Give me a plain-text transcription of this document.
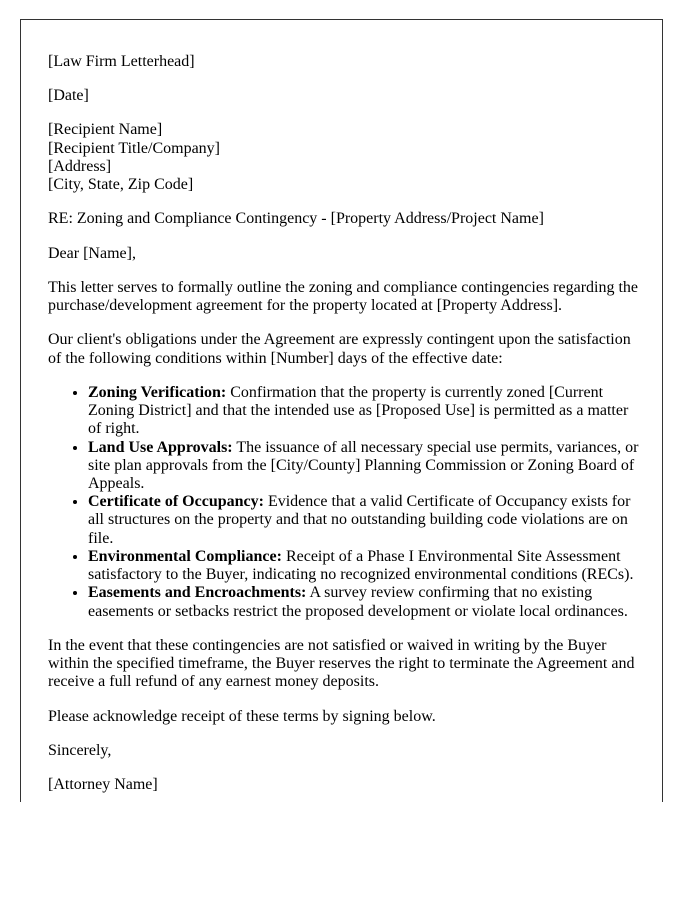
[Law Firm Letterhead]

[Date]

[Recipient Name]
[Recipient Title/Company]
[Address]
[City, State, Zip Code]

RE: Zoning and Compliance Contingency - [Property Address/Project Name]

Dear [Name],

This letter serves to formally outline the zoning and compliance contingencies regarding the purchase/development agreement for the property located at [Property Address].

Our client's obligations under the Agreement are expressly contingent upon the satisfaction of the following conditions within [Number] days of the effective date:

• Zoning Verification: Confirmation that the property is currently zoned [Current Zoning District] and that the intended use as [Proposed Use] is permitted as a matter of right.
• Land Use Approvals: The issuance of all necessary special use permits, variances, or site plan approvals from the [City/County] Planning Commission or Zoning Board of Appeals.
• Certificate of Occupancy: Evidence that a valid Certificate of Occupancy exists for all structures on the property and that no outstanding building code violations are on file.
• Environmental Compliance: Receipt of a Phase I Environmental Site Assessment satisfactory to the Buyer, indicating no recognized environmental conditions (RECs).
• Easements and Encroachments: A survey review confirming that no existing easements or setbacks restrict the proposed development or violate local ordinances.

In the event that these contingencies are not satisfied or waived in writing by the Buyer within the specified timeframe, the Buyer reserves the right to terminate the Agreement and receive a full refund of any earnest money deposits.

Please acknowledge receipt of these terms by signing below.

Sincerely,

[Attorney Name]
